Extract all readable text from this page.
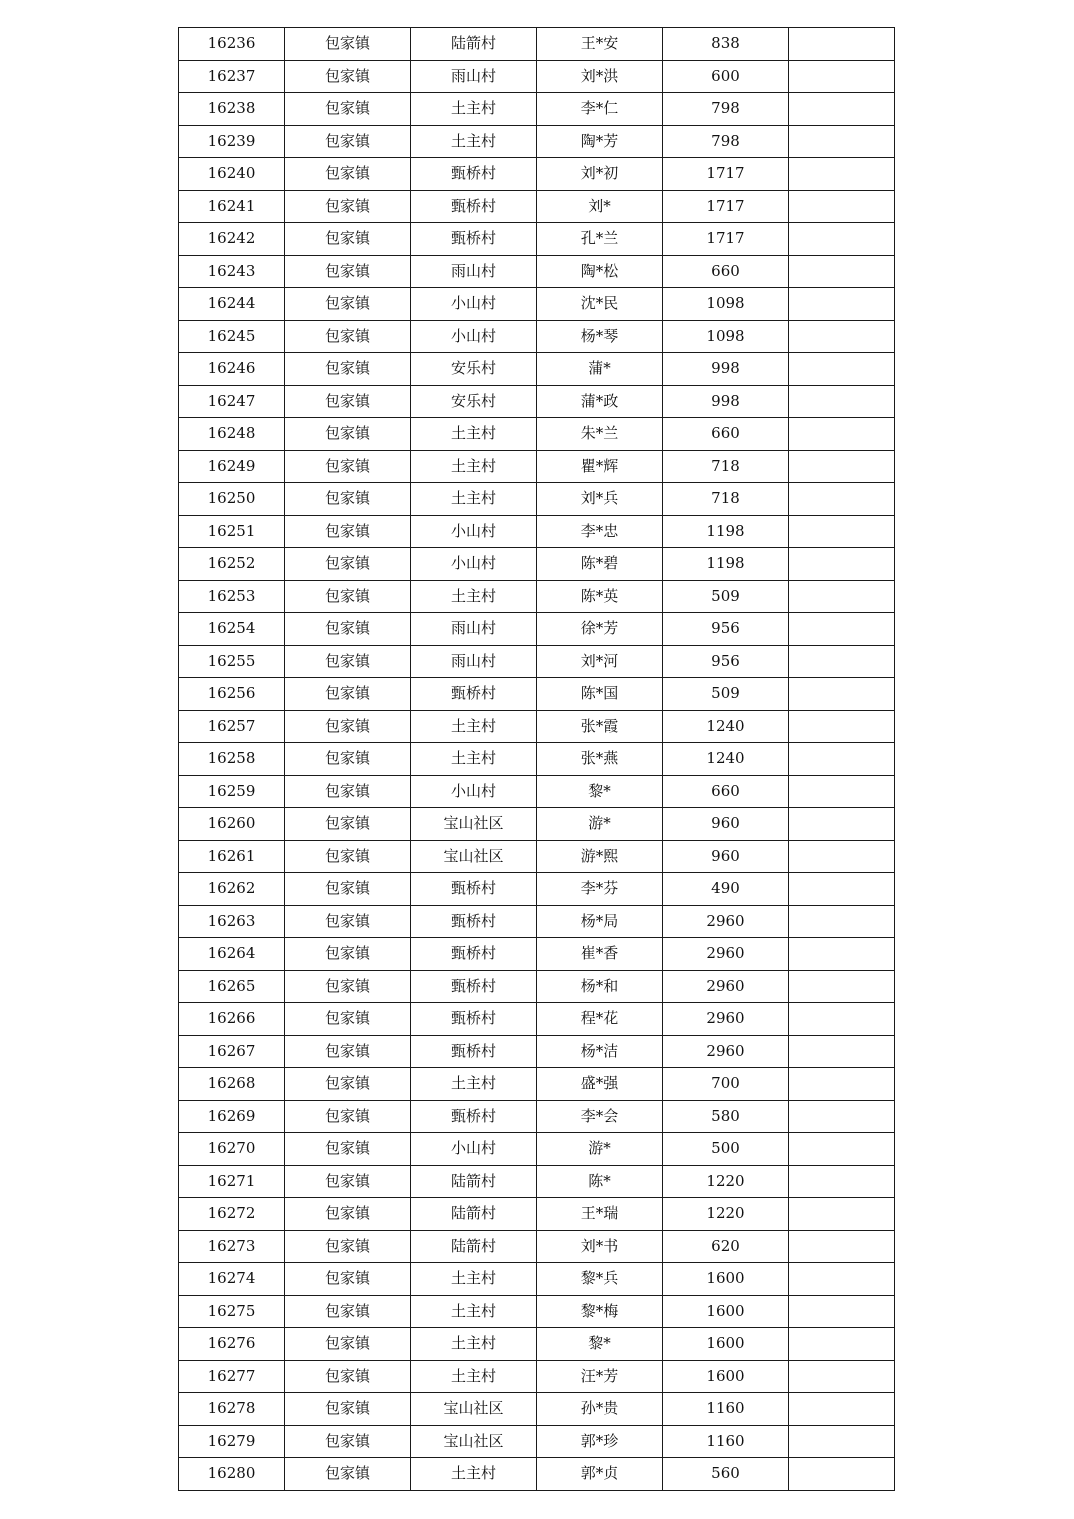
16236	包家镇	陆箭村	王*安	838	
16237	包家镇	雨山村	刘*洪	600	
16238	包家镇	土主村	李*仁	798	
16239	包家镇	土主村	陶*芳	798	
16240	包家镇	甄桥村	刘*初	1717	
16241	包家镇	甄桥村	刘*	1717	
16242	包家镇	甄桥村	孔*兰	1717	
16243	包家镇	雨山村	陶*松	660	
16244	包家镇	小山村	沈*民	1098	
16245	包家镇	小山村	杨*琴	1098	
16246	包家镇	安乐村	蒲*	998	
16247	包家镇	安乐村	蒲*政	998	
16248	包家镇	土主村	朱*兰	660	
16249	包家镇	土主村	瞿*辉	718	
16250	包家镇	土主村	刘*兵	718	
16251	包家镇	小山村	李*忠	1198	
16252	包家镇	小山村	陈*碧	1198	
16253	包家镇	土主村	陈*英	509	
16254	包家镇	雨山村	徐*芳	956	
16255	包家镇	雨山村	刘*河	956	
16256	包家镇	甄桥村	陈*国	509	
16257	包家镇	土主村	张*霞	1240	
16258	包家镇	土主村	张*燕	1240	
16259	包家镇	小山村	黎*	660	
16260	包家镇	宝山社区	游*	960	
16261	包家镇	宝山社区	游*熙	960	
16262	包家镇	甄桥村	李*芬	490	
16263	包家镇	甄桥村	杨*局	2960	
16264	包家镇	甄桥村	崔*香	2960	
16265	包家镇	甄桥村	杨*和	2960	
16266	包家镇	甄桥村	程*花	2960	
16267	包家镇	甄桥村	杨*洁	2960	
16268	包家镇	土主村	盛*强	700	
16269	包家镇	甄桥村	李*会	580	
16270	包家镇	小山村	游*	500	
16271	包家镇	陆箭村	陈*	1220	
16272	包家镇	陆箭村	王*瑞	1220	
16273	包家镇	陆箭村	刘*书	620	
16274	包家镇	土主村	黎*兵	1600	
16275	包家镇	土主村	黎*梅	1600	
16276	包家镇	土主村	黎*	1600	
16277	包家镇	土主村	汪*芳	1600	
16278	包家镇	宝山社区	孙*贵	1160	
16279	包家镇	宝山社区	郭*珍	1160	
16280	包家镇	土主村	郭*贞	560	
